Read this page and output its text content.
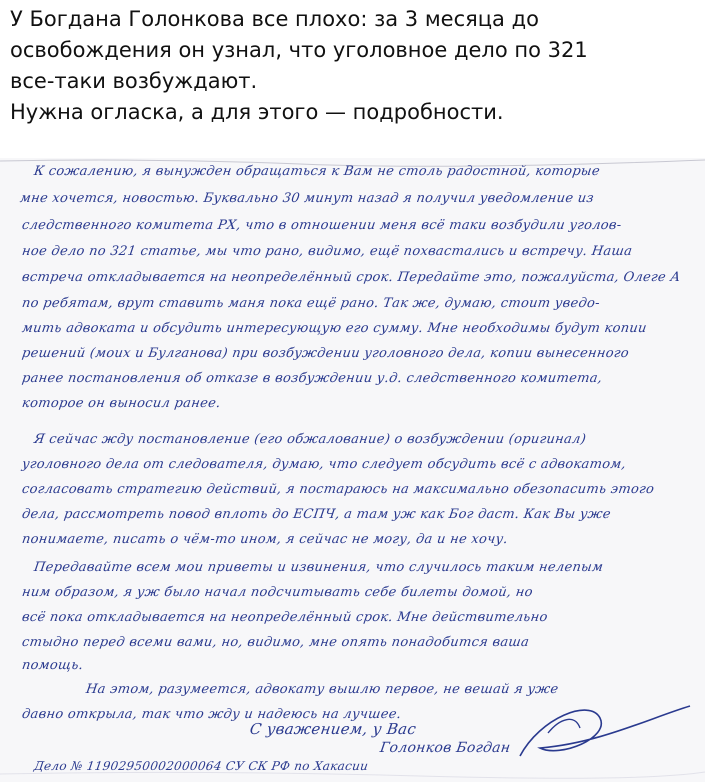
У Богдана Голонкова все плохо: за 3 месяца до

освобождения он узнал, что уголовное дело по 321

все-таки возбуждают.

Нужна огласка, а для этого — подробности.

К сожалению, я вынужден обращаться к Вам не столь радостной, которые
мне хочется, новостью. Буквально 30 минут назад я получил уведомление из
следственного комитета РХ, что в отношении меня всё таки возбудили уголов-
ное дело по 321 статье, мы что рано, видимо, ещё похвастались и встречу. Наша
встреча откладывается на неопределённый срок. Передайте это, пожалуйста, Олеге А
по ребятам, врут ставить маня пока ещё рано. Так же, думаю, стоит уведо-
мить адвоката и обсудить интересующую его сумму. Мне необходимы будут копии
решений (моих и Булганова) при возбуждении уголовного дела, копии вынесенного
ранее постановления об отказе в возбуждении у.д. следственного комитета,
которое он выносил ранее.
Я сейчас жду постановление (его обжалование) о возбуждении (оригинал)
уголовного дела от следователя, думаю, что следует обсудить всё с адвокатом,
согласовать стратегию действий, я постараюсь на максимально обезопасить этого
дела, рассмотреть повод вплоть до ЕСПЧ, а там уж как Бог даст. Как Вы уже
понимаете, писать о чём-то ином, я сейчас не могу, да и не хочу.
Передавайте всем мои приветы и извинения, что случилось таким нелепым
ним образом, я уж было начал подсчитывать себе билеты домой, но
всё пока откладывается на неопределённый срок. Мне действительно
стыдно перед всеми вами, но, видимо, мне опять понадобится ваша
помощь.
На этом, разумеется, адвокату вышлю первое, не вешай я уже
давно открыла, так что жду и надеюсь на лучшее.
С уважением, у Вас
Голонков Богдан
Дело № 11902950002000064 СУ СК РФ по Хакасии
